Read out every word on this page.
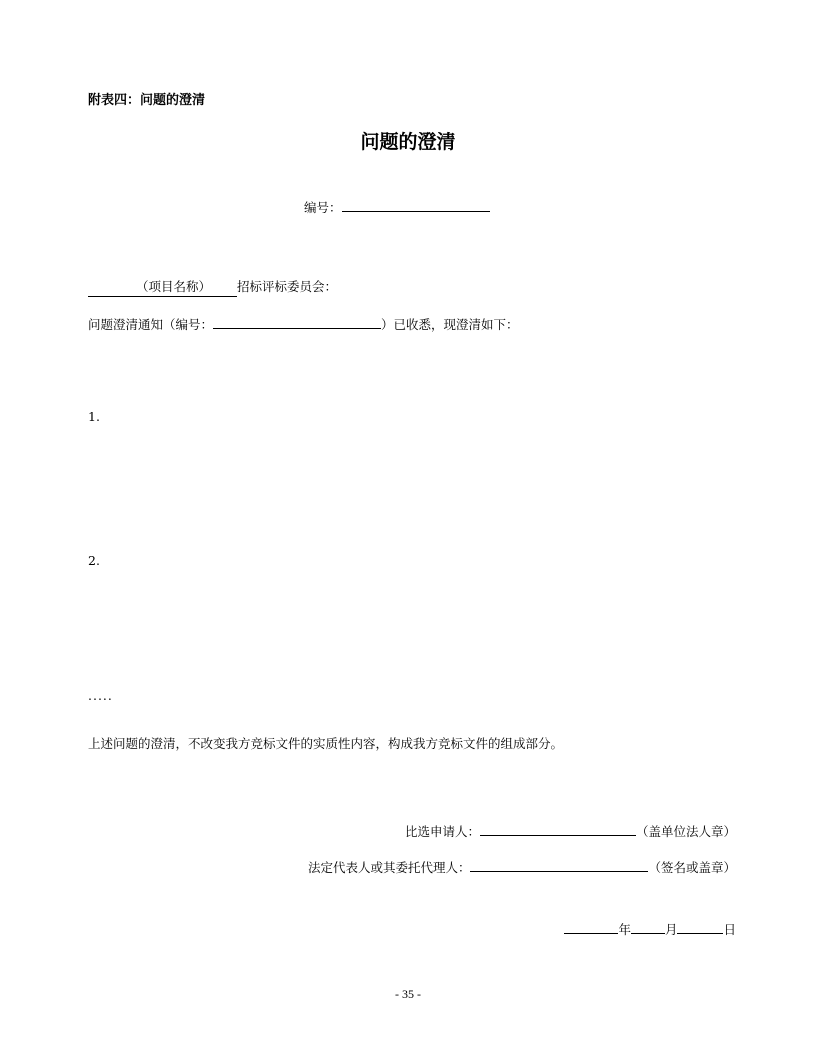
附表四：问题的澄清
问题的澄清
编号：
（项目名称） 招标评标委员会：
问题澄清通知（编号：	）已收悉，现澄清如下：
1.
2.
.....
上述问题的澄清，不改变我方竞标文件的实质性内容，构成我方竞标文件的组成部分。
比选申请人：	（盖单位法人章）
法定代表人或其委托代理人：	（签名或盖章）
年	月	日
- 35 -
